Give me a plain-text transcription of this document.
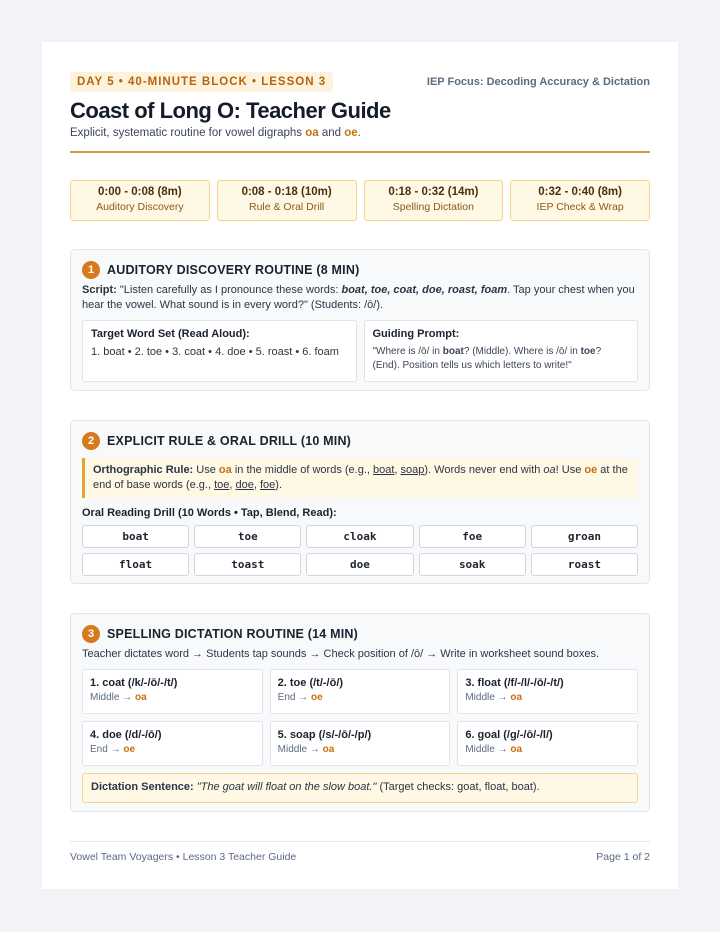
DAY 5 • 40-MINUTE BLOCK • LESSON 3	IEP Focus: Decoding Accuracy & Dictation
Coast of Long O: Teacher Guide
Explicit, systematic routine for vowel digraphs oa and oe.
0:00 - 0:08 (8m)
Auditory Discovery
0:08 - 0:18 (10m)
Rule & Oral Drill
0:18 - 0:32 (14m)
Spelling Dictation
0:32 - 0:40 (8m)
IEP Check & Wrap
1	AUDITORY DISCOVERY ROUTINE (8 MIN)
Script: "Listen carefully as I pronounce these words: boat, toe, coat, doe, roast, foam. Tap your chest when you hear the vowel. What sound is in every word?" (Students: /ō/).
Target Word Set (Read Aloud):
1. boat • 2. toe • 3. coat • 4. doe • 5. roast • 6. foam
Guiding Prompt:
"Where is /ō/ in boat? (Middle). Where is /ō/ in toe? (End). Position tells us which letters to write!"
2	EXPLICIT RULE & ORAL DRILL (10 MIN)
Orthographic Rule: Use oa in the middle of words (e.g., boat, soap). Words never end with oa! Use oe at the end of base words (e.g., toe, doe, foe).
Oral Reading Drill (10 Words • Tap, Blend, Read):
boat	toe	cloak	foe	groan
float	toast	doe	soak	roast
3	SPELLING DICTATION ROUTINE (14 MIN)
Teacher dictates word → Students tap sounds → Check position of /ō/ → Write in worksheet sound boxes.
1. coat (/k/-/ō/-/t/)
Middle → oa
2. toe (/t/-/ō/)
End → oe
3. float (/f/-/l/-/ō/-/t/)
Middle → oa
4. doe (/d/-/ō/)
End → oe
5. soap (/s/-/ō/-/p/)
Middle → oa
6. goal (/g/-/ō/-/l/)
Middle → oa
Dictation Sentence: "The goat will float on the slow boat." (Target checks: goat, float, boat).
Vowel Team Voyagers • Lesson 3 Teacher Guide	Page 1 of 2
